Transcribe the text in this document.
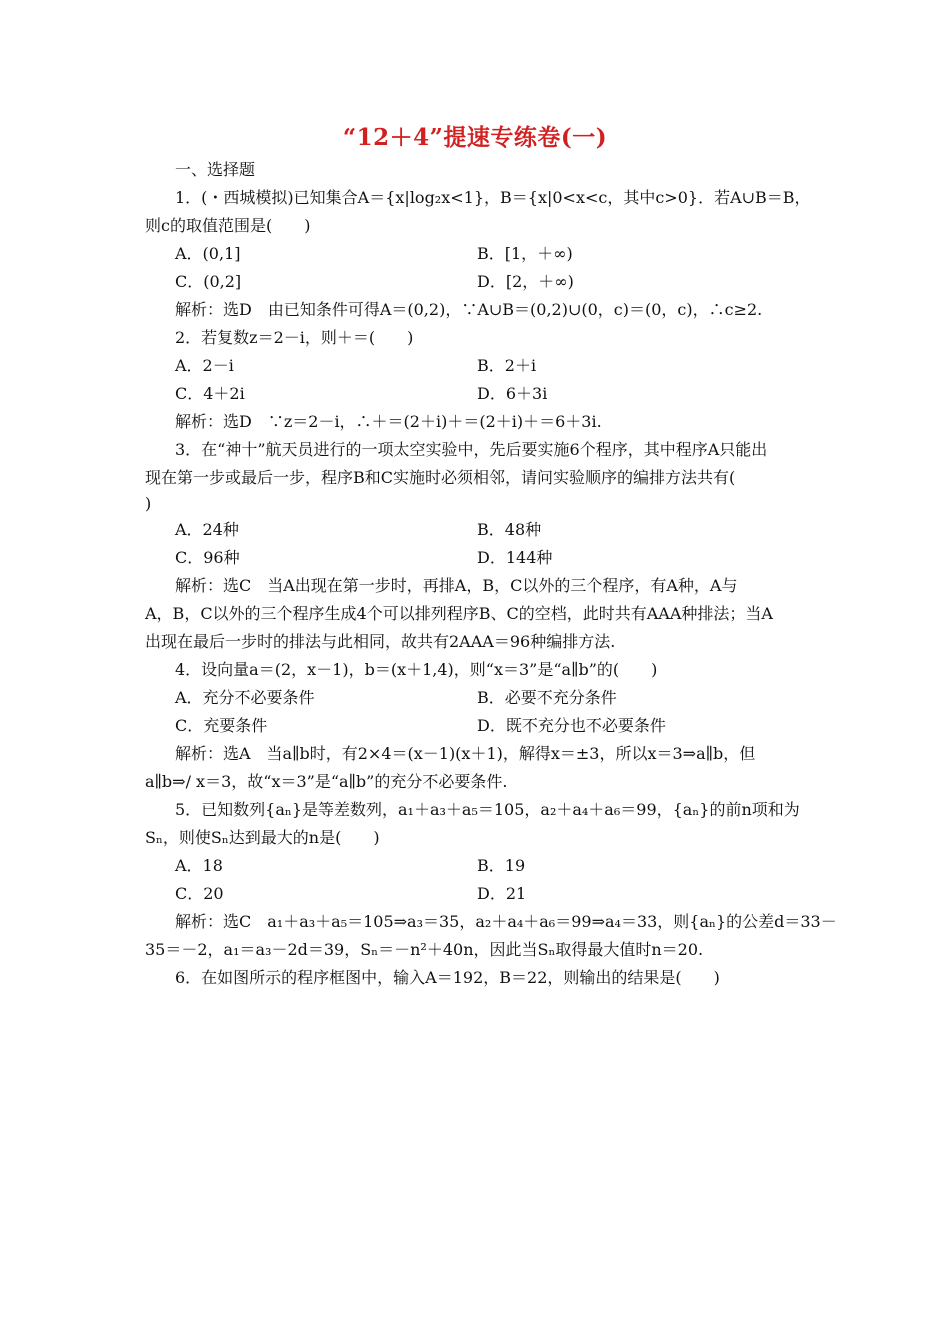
“12＋4”提速专练卷(一)
一、选择题
1．(・西城模拟)已知集合A＝{x|log₂x<1}，B＝{x|0<x<c，其中c>0}．若A∪B＝B，
则c的取值范围是(　　)
A．(0,1]	B．[1，＋∞)
C．(0,2]	D．[2，＋∞)
解析：选D　由已知条件可得A＝(0,2)，∵A∪B＝(0,2)∪(0，c)＝(0，c)，∴c≥2.
2．若复数z＝2－i，则＋＝(　　)
A．2－i	B．2＋i
C．4＋2i	D．6＋3i
解析：选D　∵z＝2－i，∴＋＝(2＋i)＋＝(2＋i)＋＝6＋3i.
3．在“神十”航天员进行的一项太空实验中，先后要实施6个程序，其中程序A只能出
现在第一步或最后一步，程序B和C实施时必须相邻，请问实验顺序的编排方法共有(
)
A．24种	B．48种
C．96种	D．144种
解析：选C　当A出现在第一步时，再排A，B，C以外的三个程序，有A种，A与
A，B，C以外的三个程序生成4个可以排列程序B、C的空档，此时共有AAA种排法；当A
出现在最后一步时的排法与此相同，故共有2AAA＝96种编排方法.
4．设向量a＝(2，x－1)，b＝(x＋1,4)，则“x＝3”是“a∥b”的(　　)
A．充分不必要条件	B．必要不充分条件
C．充要条件	D．既不充分也不必要条件
解析：选A　当a∥b时，有2×4＝(x－1)(x＋1)，解得x＝±3，所以x＝3⇒a∥b，但
a∥b⇒/ x＝3，故“x＝3”是“a∥b”的充分不必要条件.
5．已知数列{aₙ}是等差数列，a₁＋a₃＋a₅＝105，a₂＋a₄＋a₆＝99，{aₙ}的前n项和为
Sₙ，则使Sₙ达到最大的n是(　　)
A．18	B．19
C．20	D．21
解析：选C　a₁＋a₃＋a₅＝105⇒a₃＝35，a₂＋a₄＋a₆＝99⇒a₄＝33，则{aₙ}的公差d＝33－
35＝－2，a₁＝a₃－2d＝39，Sₙ＝－n²＋40n，因此当Sₙ取得最大值时n＝20.
6．在如图所示的程序框图中，输入A＝192，B＝22，则输出的结果是(　　)
